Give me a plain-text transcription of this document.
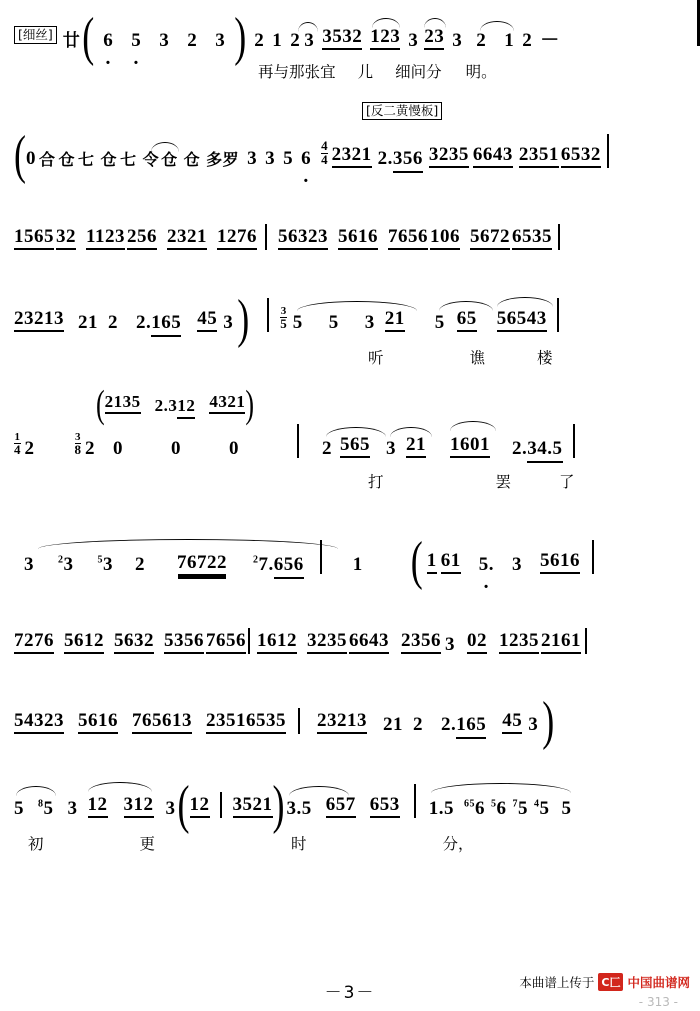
[细丝] 廿 ( 6 · 5 · 3 2 3 ) 2 1 2 3 3532 123 3 23 3 2 1 2 －
再 与 那 张 宜 儿 细 问 分 明。
[反二黄慢板]
( 0 合 仓 七 仓 七 令 仓 仓 多罗 3 3 5 6 ·
4
4 2321 2.356 3235 6643 2351 6532
1565 32 1123 256 2321 1276 56323 5616 7656 106 5672 6535
23213 21 2 2.165 45 3 )	3
5 5 5 3 21 5 65 56543
听	谯	楼
( 2135 2.312 4321 )
1
4 2
3
8 2 0	0	0	2 565 3 21 1601 2.34.5
打	罢	了
3 $^2$3 $^5$3 2 76722	$^2$7.656	1 ( 1 61 5. · 3 5616
7276 5612 5632 5356 7656 1612 3235 6643 2356 3 02 1235 2161
54323 5616 765613 23516535 23213 21 2 2.165 45 3 )
5 $^8$5 3 12 312 3 ( 12 3521 ) 3.5 657 653 1.5 $^{65}$6 $^5$6 $^7$5 $^4$5 5
初	更	时	分，
－3－
本曲谱上传于 C匚 中国曲谱网
- 313 -
